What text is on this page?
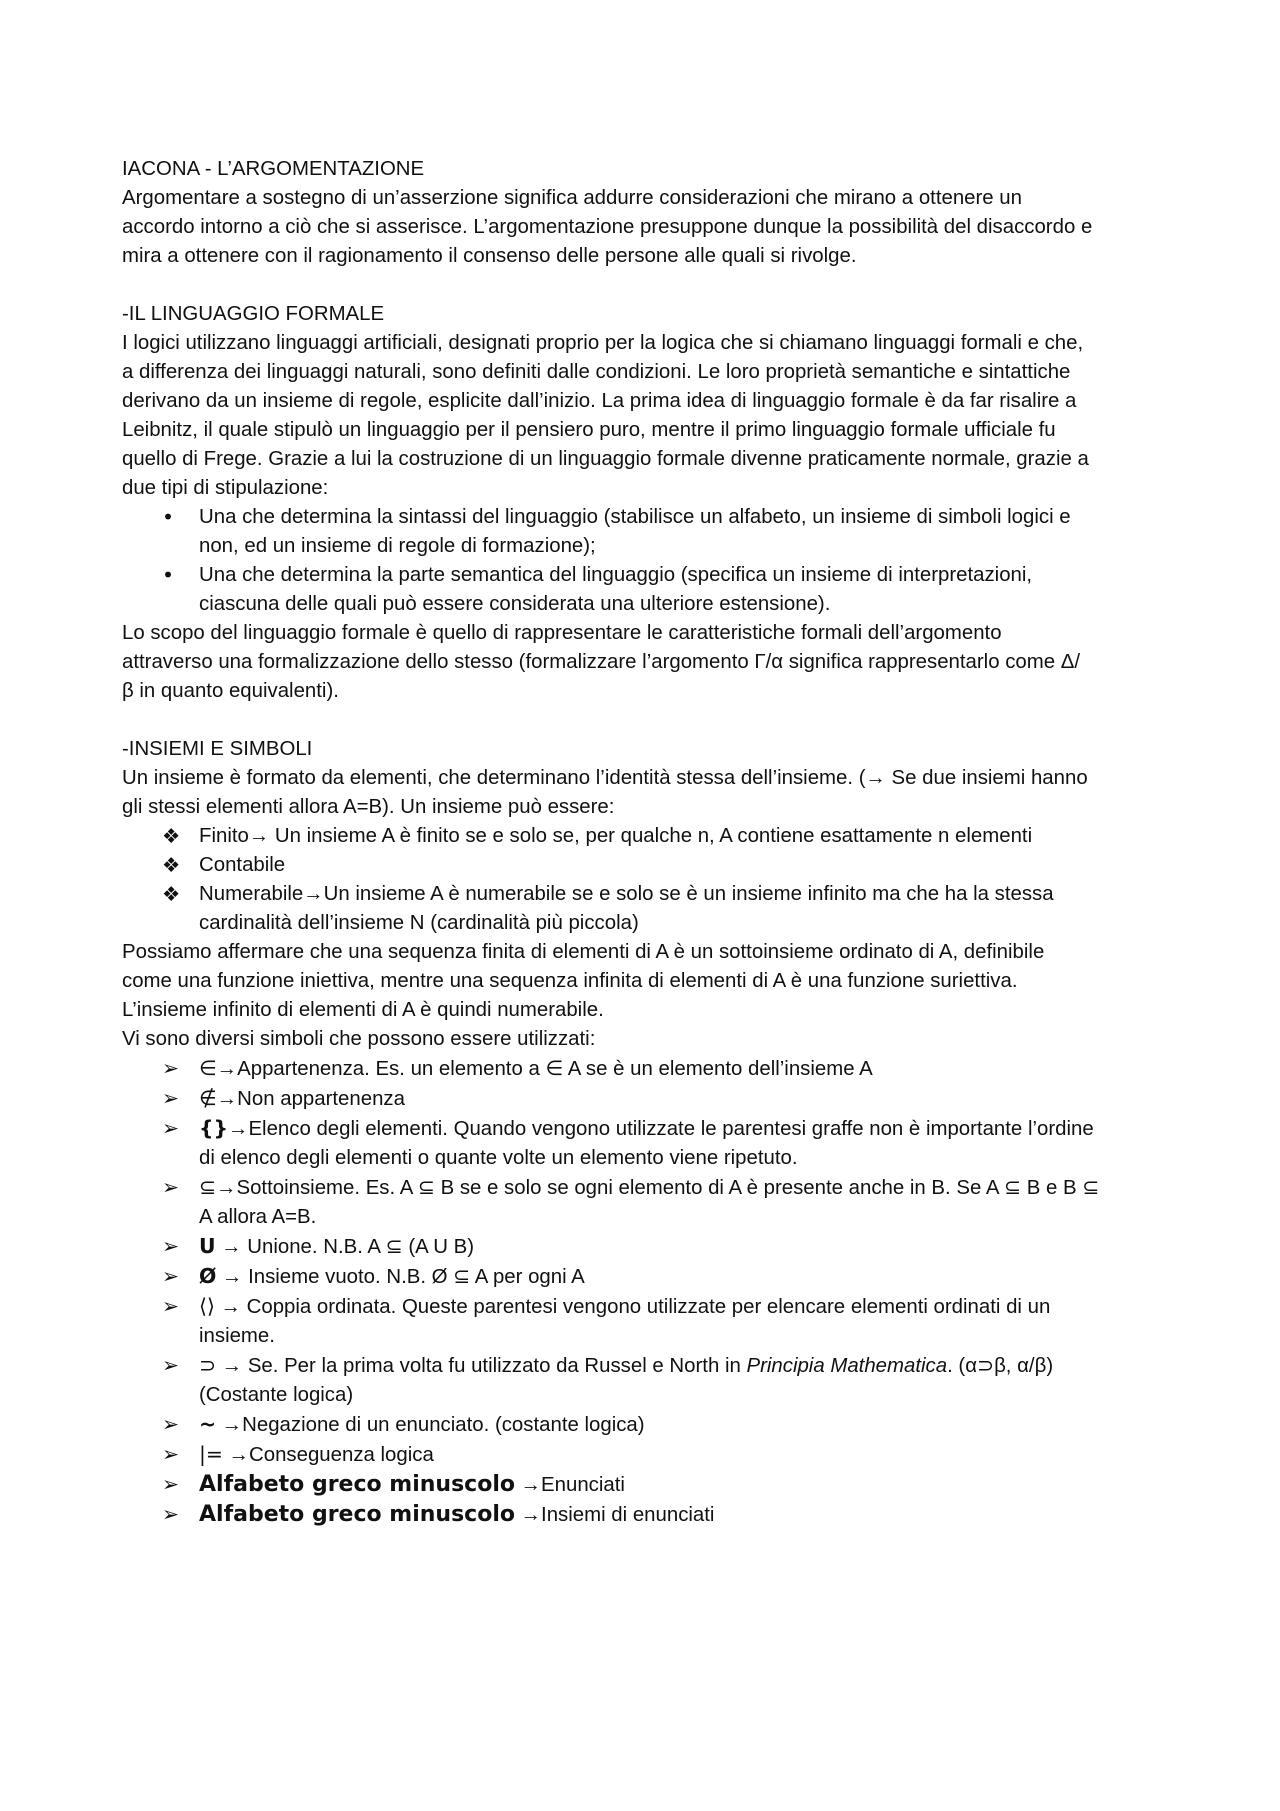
IACONA - L’ARGOMENTAZIONE

Argomentare a sostegno di un’asserzione significa addurre considerazioni che mirano a ottenere un

accordo intorno a ciò che si asserisce. L’argomentazione presuppone dunque la possibilità del disaccordo e

mira a ottenere con il ragionamento il consenso delle persone alle quali si rivolge.

-IL LINGUAGGIO FORMALE

I logici utilizzano linguaggi artificiali, designati proprio per la logica che si chiamano linguaggi formali e che,

a differenza dei linguaggi naturali, sono definiti dalle condizioni. Le loro proprietà semantiche e sintattiche

derivano da un insieme di regole, esplicite dall’inizio. La prima idea di linguaggio formale è da far risalire a

Leibnitz, il quale stipulò un linguaggio per il pensiero puro, mentre il primo linguaggio formale ufficiale fu

quello di Frege. Grazie a lui la costruzione di un linguaggio formale divenne praticamente normale, grazie a

due tipi di stipulazione:

•	Una che determina la sintassi del linguaggio (stabilisce un alfabeto, un insieme di simboli logici e
non, ed un insieme di regole di formazione);
•	Una che determina la parte semantica del linguaggio (specifica un insieme di interpretazioni,
ciascuna delle quali può essere considerata una ulteriore estensione).

Lo scopo del linguaggio formale è quello di rappresentare le caratteristiche formali dell’argomento

attraverso una formalizzazione dello stesso (formalizzare l’argomento Γ/α significa rappresentarlo come Δ/

β in quanto equivalenti).

-INSIEMI E SIMBOLI

Un insieme è formato da elementi, che determinano l’identità stessa dell’insieme. (→ Se due insiemi hanno

gli stessi elementi allora A=B). Un insieme può essere:

❖ Finito→ Un insieme A è finito se e solo se, per qualche n, A contiene esattamente n elementi
❖ Contabile
❖ Numerabile→Un insieme A è numerabile se e solo se è un insieme infinito ma che ha la stessa
cardinalità dell’insieme N (cardinalità più piccola)

Possiamo affermare che una sequenza finita di elementi di A è un sottoinsieme ordinato di A, definibile

come una funzione iniettiva, mentre una sequenza infinita di elementi di A è una funzione suriettiva.

L’insieme infinito di elementi di A è quindi numerabile.

Vi sono diversi simboli che possono essere utilizzati:

➢ ∈→Appartenenza. Es. un elemento a ∈ A se è un elemento dell’insieme A
➢ ∉→Non appartenenza
➢ {}→Elenco degli elementi. Quando vengono utilizzate le parentesi graffe non è importante l’ordine
di elenco degli elementi o quante volte un elemento viene ripetuto.
➢ ⊆→Sottoinsieme. Es. A ⊆ B se e solo se ogni elemento di A è presente anche in B. Se A ⊆ B e B ⊆
A allora A=B.
➢ U → Unione. N.B. A ⊆ (A U B)
➢ Ø → Insieme vuoto. N.B. Ø ⊆ A per ogni A
➢ ⟨⟩ → Coppia ordinata. Queste parentesi vengono utilizzate per elencare elementi ordinati di un
insieme.
➢ ⊃ → Se. Per la prima volta fu utilizzato da Russel e North in Principia Mathematica. (α⊃β, α/β)
(Costante logica)
➢ ~ →Negazione di un enunciato. (costante logica)
➢ |= →Conseguenza logica
➢ Alfabeto greco minuscolo →Enunciati
➢ Alfabeto greco minuscolo →Insiemi di enunciati
